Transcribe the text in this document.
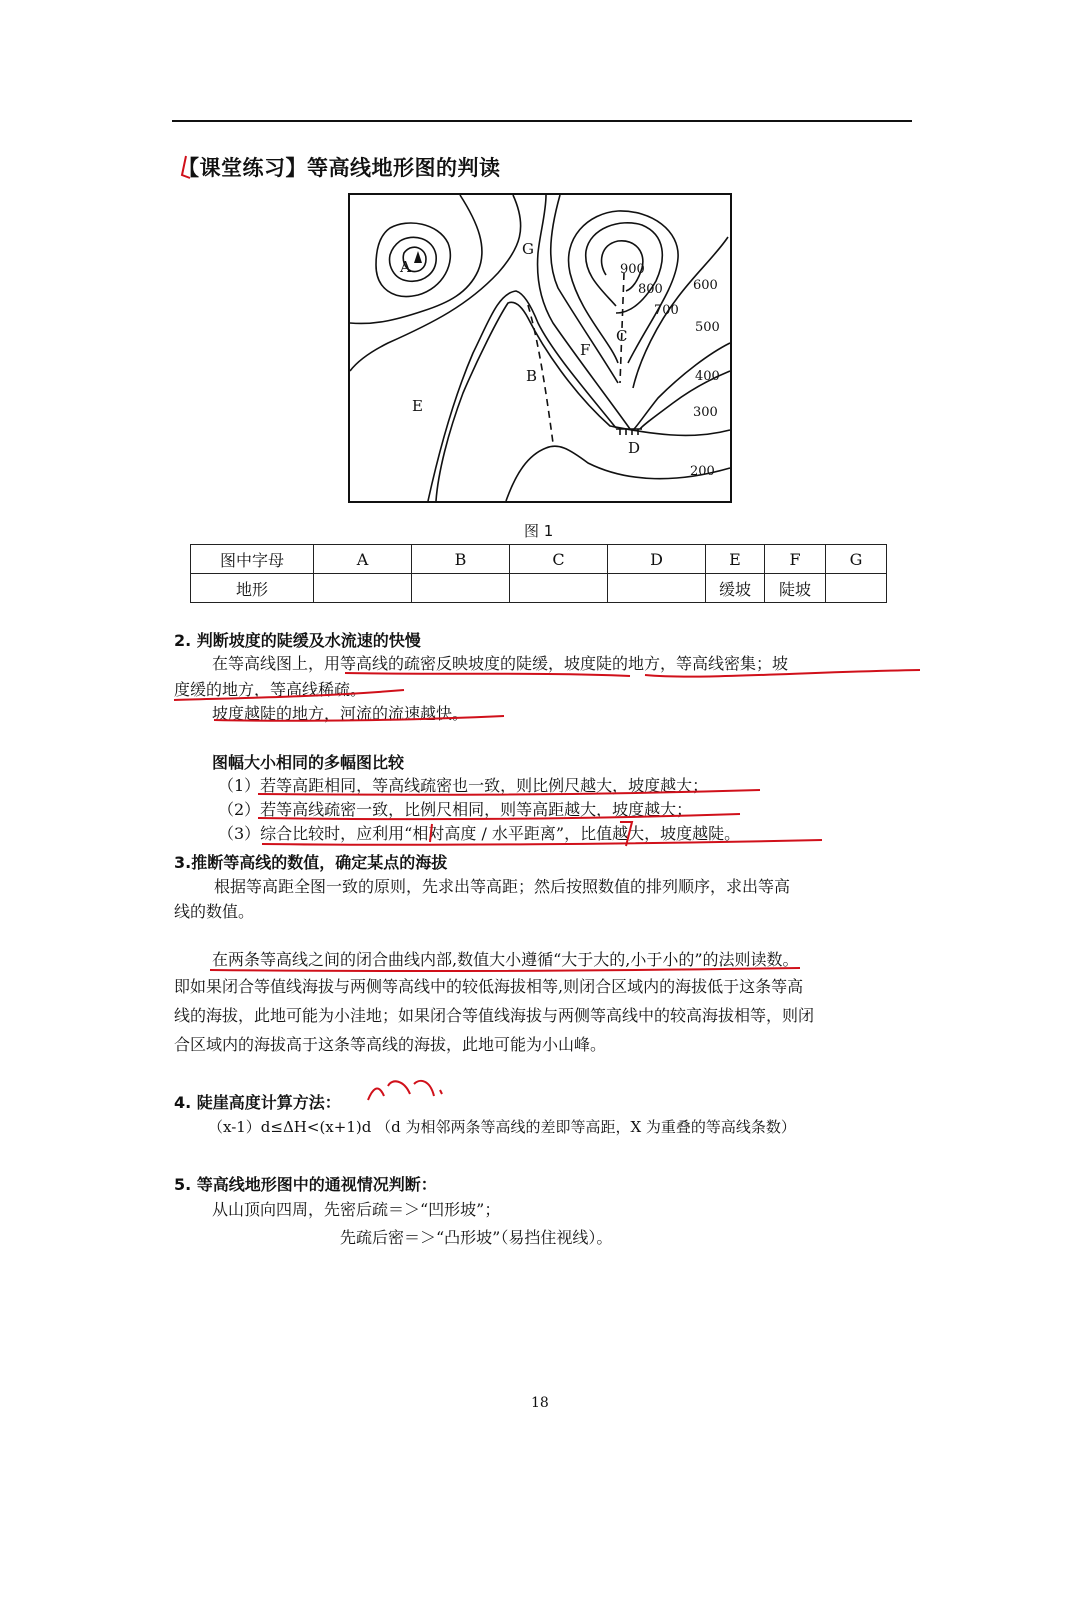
【课堂练习】等高线地形图的判读
A
G
B
C
D
E
F
900
800
700
600
500
400
300
200
图 1
图中字母	A	B	C	D	E	F	G
地形					缓坡	陡坡	
2. 判断坡度的陡缓及水流速的快慢
在等高线图上，用等高线的疏密反映坡度的陡缓，坡度陡的地方，等高线密集；坡
度缓的地方，等高线稀疏。
坡度越陡的地方，河流的流速越快。
图幅大小相同的多幅图比较
（1）若等高距相同，等高线疏密也一致，则比例尺越大，坡度越大；
（2）若等高线疏密一致，比例尺相同，则等高距越大，坡度越大；
（3）综合比较时，应利用“相对高度 / 水平距离”，比值越大，坡度越陡。
3.推断等高线的数值，确定某点的海拔
根据等高距全图一致的原则，先求出等高距；然后按照数值的排列顺序，求出等高
线的数值。
在两条等高线之间的闭合曲线内部,数值大小遵循“大于大的,小于小的”的法则读数。
即如果闭合等值线海拔与两侧等高线中的较低海拔相等,则闭合区域内的海拔低于这条等高
线的海拔，此地可能为小洼地；如果闭合等值线海拔与两侧等高线中的较高海拔相等，则闭
合区域内的海拔高于这条等高线的海拔，此地可能为小山峰。
4. 陡崖高度计算方法：
（x-1）d≤ΔH<(x+1)d （d 为相邻两条等高线的差即等高距，X 为重叠的等高线条数）
5. 等高线地形图中的通视情况判断：
从山顶向四周，先密后疏＝＞“凹形坡”；
先疏后密＝＞“凸形坡”（易挡住视线）。
18
